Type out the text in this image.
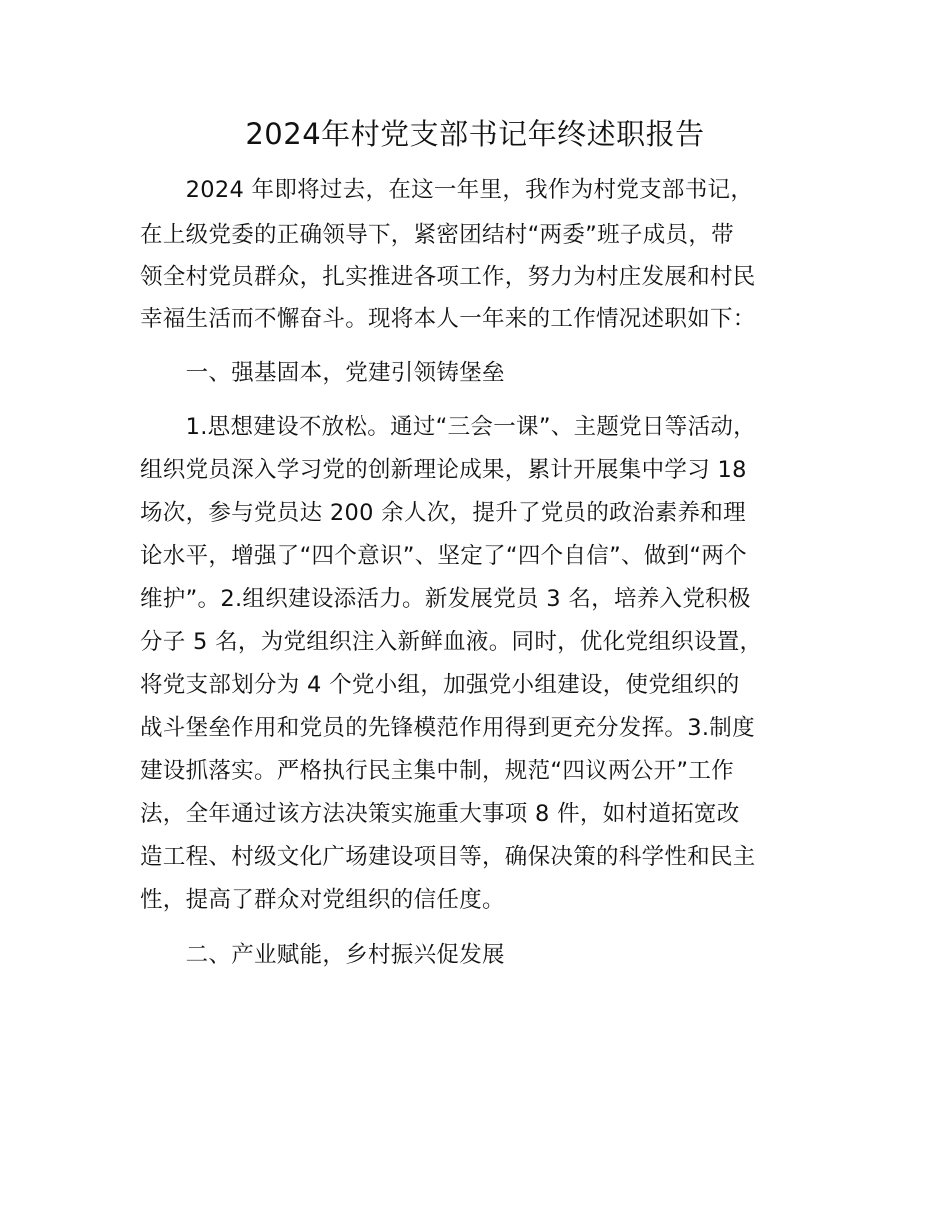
2024年村党支部书记年终述职报告
　　2024 年即将过去，在这一年里，我作为村党支部书记，
在上级党委的正确领导下，紧密团结村“两委”班子成员，带
领全村党员群众，扎实推进各项工作，努力为村庄发展和村民
幸福生活而不懈奋斗。现将本人一年来的工作情况述职如下：
　　一、强基固本，党建引领铸堡垒
　　1.思想建设不放松。通过“三会一课”、主题党日等活动，
组织党员深入学习党的创新理论成果，累计开展集中学习 18
场次，参与党员达 200 余人次，提升了党员的政治素养和理
论水平，增强了“四个意识”、坚定了“四个自信”、做到“两个
维护”。2.组织建设添活力。新发展党员 3 名，培养入党积极
分子 5 名，为党组织注入新鲜血液。同时，优化党组织设置，
将党支部划分为 4 个党小组，加强党小组建设，使党组织的
战斗堡垒作用和党员的先锋模范作用得到更充分发挥。3.制度
建设抓落实。严格执行民主集中制，规范“四议两公开”工作
法，全年通过该方法决策实施重大事项 8 件，如村道拓宽改
造工程、村级文化广场建设项目等，确保决策的科学性和民主
性，提高了群众对党组织的信任度。
　　二、产业赋能，乡村振兴促发展
